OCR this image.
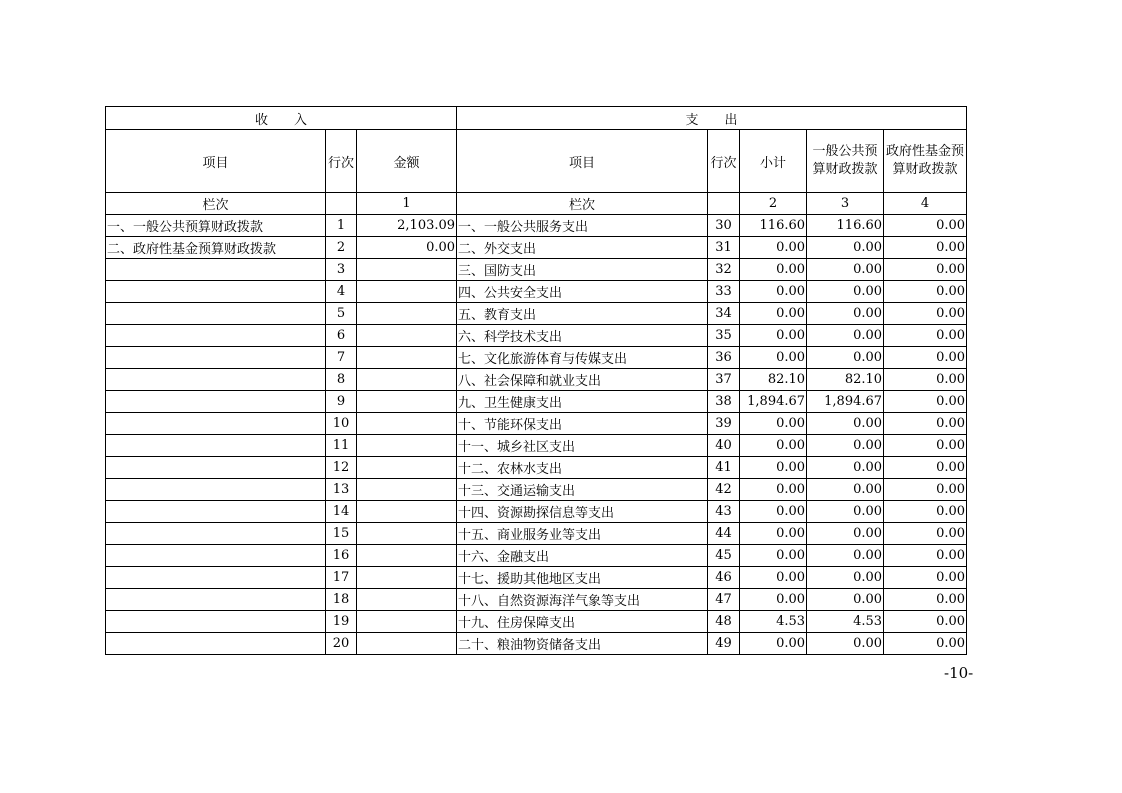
收　　入			支　　出				
项目	行次	金额	项目	行次	小计	一般公共预算财政拨款	政府性基金预算财政拨款
栏次		1	栏次		2	3	4
一、一般公共预算财政拨款	1	2,103.09	一、一般公共服务支出	30	116.60	116.60	0.00
二、政府性基金预算财政拨款	2	0.00	二、外交支出	31	0.00	0.00	0.00
	3		三、国防支出	32	0.00	0.00	0.00
	4		四、公共安全支出	33	0.00	0.00	0.00
	5		五、教育支出	34	0.00	0.00	0.00
	6		六、科学技术支出	35	0.00	0.00	0.00
	7		七、文化旅游体育与传媒支出	36	0.00	0.00	0.00
	8		八、社会保障和就业支出	37	82.10	82.10	0.00
	9		九、卫生健康支出	38	1,894.67	1,894.67	0.00
	10		十、节能环保支出	39	0.00	0.00	0.00
	11		十一、城乡社区支出	40	0.00	0.00	0.00
	12		十二、农林水支出	41	0.00	0.00	0.00
	13		十三、交通运输支出	42	0.00	0.00	0.00
	14		十四、资源勘探信息等支出	43	0.00	0.00	0.00
	15		十五、商业服务业等支出	44	0.00	0.00	0.00
	16		十六、金融支出	45	0.00	0.00	0.00
	17		十七、援助其他地区支出	46	0.00	0.00	0.00
	18		十八、自然资源海洋气象等支出	47	0.00	0.00	0.00
	19		十九、住房保障支出	48	4.53	4.53	0.00
	20		二十、粮油物资储备支出	49	0.00	0.00	0.00
-10-
